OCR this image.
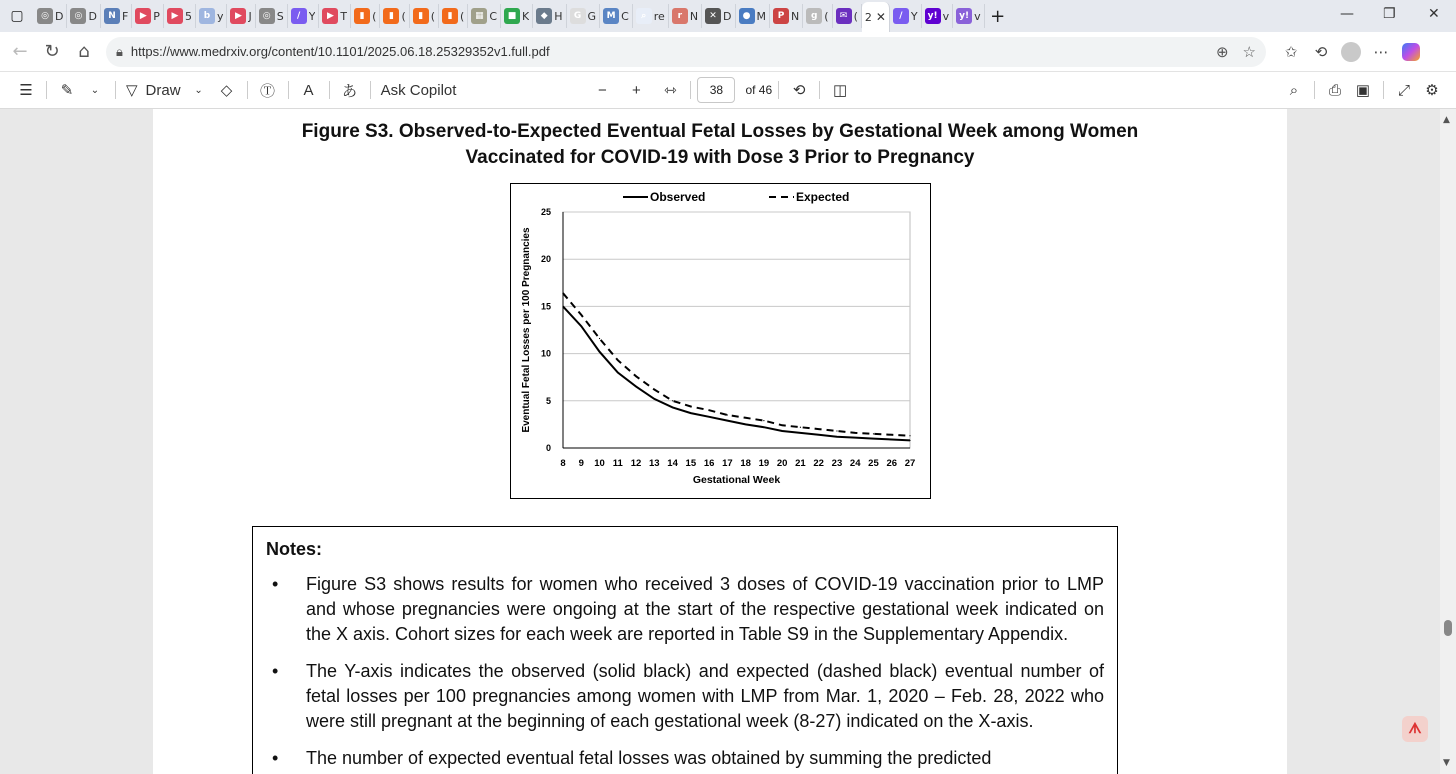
▢	◎ D	◎ D	N F	▶ P	▶ 5	b y	▶ J	◎ S	/ Y	▶ T	▮ (	▮ (	▮ (	▮ (	▦ C	■ K	◆ H	G G	M C	⌕ re	r N	✕ D	● M	P N	g (	✉ ( 2 ✕	/ Y	y! v	y! v +	— ❐ ✕
← ↻ ⌂ 🔒︎ https://www.medrxiv.org/content/10.1101/2025.06.18.25329352v1.full.pdf	⊕ ☆ ✩ ⟲	⋯
☰ ✎ ⌄ ▽ Draw ⌄ ◇ Ⓣ A あ Ask Copilot	− + ⇿	38	of 46 ⟲ ◫	⌕ ⎙ ▣ ⤢ ⚙
Figure S3. Observed-to-Expected Eventual Fetal Losses by Gestational Week among Women
Vaccinated for COVID-19 with Dose 3 Prior to Pregnancy
0
5
10
15
20
25
8 9 10 11 12 13 14 15 16 17 18 19 20 21 22 23 24 25 26 27
Gestational Week
Eventual Fetal Losses per 100 Pregnancies
Observed	Expected
Notes:
• Figure S3 shows results for women who received 3 doses of COVID-19 vaccination prior to LMP and whose pregnancies were ongoing at the start of the respective gestational week indicated on the X axis. Cohort sizes for each week are reported in Table S9 in the Supplementary Appendix.
• The Y-axis indicates the observed (solid black) and expected (dashed black) eventual number of fetal losses per 100 pregnancies among women with LMP from Mar. 1, 2020 – Feb. 28, 2022 who were still pregnant at the beginning of each gestational week (8-27) indicated on the X-axis.
• The number of expected eventual fetal losses was obtained by summing the predicted
▲
▼
ᗑ
